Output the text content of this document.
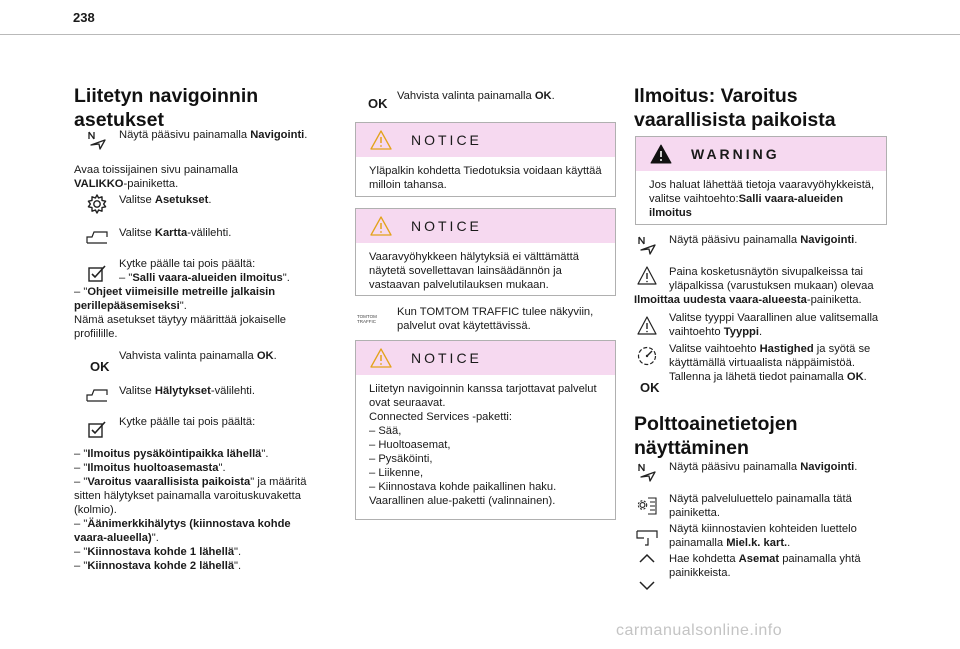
238
Liitetyn navigoinnin
asetukset
Näytä pääsivu painamalla Navigointi.
Avaa toissijainen sivu painamalla
VALIKKO-painiketta.
Valitse Asetukset.
Valitse Kartta-välilehti.
Kytke päälle tai pois päältä:
– "Salli vaara-alueiden ilmoitus".
– "Ohjeet viimeisille metreille jalkaisin perillepääsemiseksi".
Nämä asetukset täytyy määrittää jokaiselle profiilille.
OK
Vahvista valinta painamalla OK.
Valitse Hälytykset-välilehti.
Kytke päälle tai pois päältä:
– "Ilmoitus pysäköintipaikka lähellä".
– "Ilmoitus huoltoasemasta".
– "Varoitus vaarallisista paikoista" ja määritä sitten hälytykset painamalla varoituskuvaketta (kolmio).
– "Äänimerkkihälytys (kiinnostava kohde vaara-alueella)".
– "Kiinnostava kohde 1 lähellä".
– "Kiinnostava kohde 2 lähellä".
OK Vahvista valinta painamalla OK.
NOTICE
Yläpalkin kohdetta Tiedotuksia voidaan käyttää milloin tahansa.
NOTICE
Vaaravyöhykkeen hälytyksiä ei välttämättä näytetä sovellettavan lainsäädännön ja vastaavan palvelutilauksen mukaan.
TOMTOM TRAFFIC
Kun TOMTOM TRAFFIC tulee näkyviin, palvelut ovat käytettävissä.
NOTICE
Liitetyn navigoinnin kanssa tarjottavat palvelut ovat seuraavat.
Connected Services -paketti:
– Sää,
– Huoltoasemat,
– Pysäköinti,
– Liikenne,
– Kiinnostava kohde paikallinen haku.
Vaarallinen alue-paketti (valinnainen).
Ilmoitus: Varoitus
vaarallisista paikoista
WARNING
Jos haluat lähettää tietoja vaaravyöhykkeistä, valitse vaihtoehto:Salli vaara-alueiden ilmoitus
Näytä pääsivu painamalla Navigointi.
Paina kosketusnäytön sivupalkeissa tai yläpalkissa (varustuksen mukaan) olevaa
Ilmoittaa uudesta vaara-alueesta-painiketta.
Valitse tyyppi Vaarallinen alue valitsemalla vaihtoehto Tyyppi.
Valitse vaihtoehto Hastighed ja syötä se käyttämällä virtuaalista näppäimistöä.
OK
Tallenna ja lähetä tiedot painamalla OK.
Polttoainetietojen
näyttäminen
Näytä pääsivu painamalla Navigointi.
Näytä palveluluettelo painamalla tätä painiketta.
Näytä kiinnostavien kohteiden luettelo painamalla Miel.k. kart..
Hae kohdetta Asemat painamalla yhtä painikkeista.
carmanualsonline.info
